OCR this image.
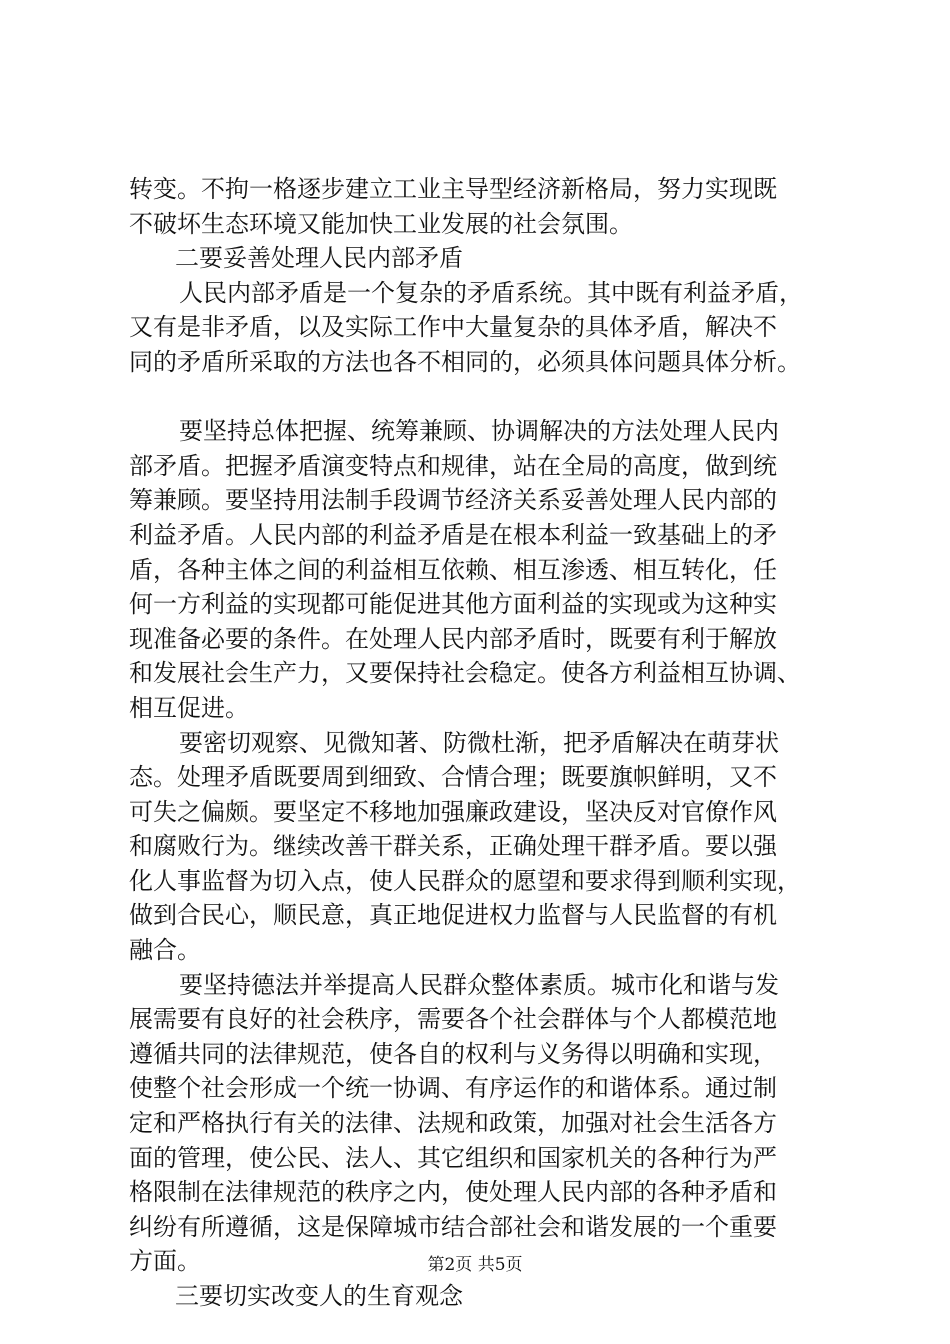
转变。不拘一格逐步建立工业主导型经济新格局，努力实现既
不破坏生态环境又能加快工业发展的社会氛围。
二要妥善处理人民内部矛盾
人民内部矛盾是一个复杂的矛盾系统。其中既有利益矛盾，
又有是非矛盾，以及实际工作中大量复杂的具体矛盾，解决不
同的矛盾所采取的方法也各不相同的，必须具体问题具体分析。
要坚持总体把握、统筹兼顾、协调解决的方法处理人民内
部矛盾。把握矛盾演变特点和规律，站在全局的高度，做到统
筹兼顾。要坚持用法制手段调节经济关系妥善处理人民内部的
利益矛盾。人民内部的利益矛盾是在根本利益一致基础上的矛
盾，各种主体之间的利益相互依赖、相互渗透、相互转化，任
何一方利益的实现都可能促进其他方面利益的实现或为这种实
现准备必要的条件。在处理人民内部矛盾时，既要有利于解放
和发展社会生产力，又要保持社会稳定。使各方利益相互协调、
相互促进。
要密切观察、见微知著、防微杜渐，把矛盾解决在萌芽状
态。处理矛盾既要周到细致、合情合理；既要旗帜鲜明，又不
可失之偏颇。要坚定不移地加强廉政建设，坚决反对官僚作风
和腐败行为。继续改善干群关系，正确处理干群矛盾。要以强
化人事监督为切入点，使人民群众的愿望和要求得到顺利实现，
做到合民心，顺民意，真正地促进权力监督与人民监督的有机
融合。
要坚持德法并举提高人民群众整体素质。城市化和谐与发
展需要有良好的社会秩序，需要各个社会群体与个人都模范地
遵循共同的法律规范，使各自的权利与义务得以明确和实现，
使整个社会形成一个统一协调、有序运作的和谐体系。通过制
定和严格执行有关的法律、法规和政策，加强对社会生活各方
面的管理，使公民、法人、其它组织和国家机关的各种行为严
格限制在法律规范的秩序之内，使处理人民内部的各种矛盾和
纠纷有所遵循，这是保障城市结合部社会和谐发展的一个重要
方面。
三要切实改变人的生育观念
第2页 共5页
